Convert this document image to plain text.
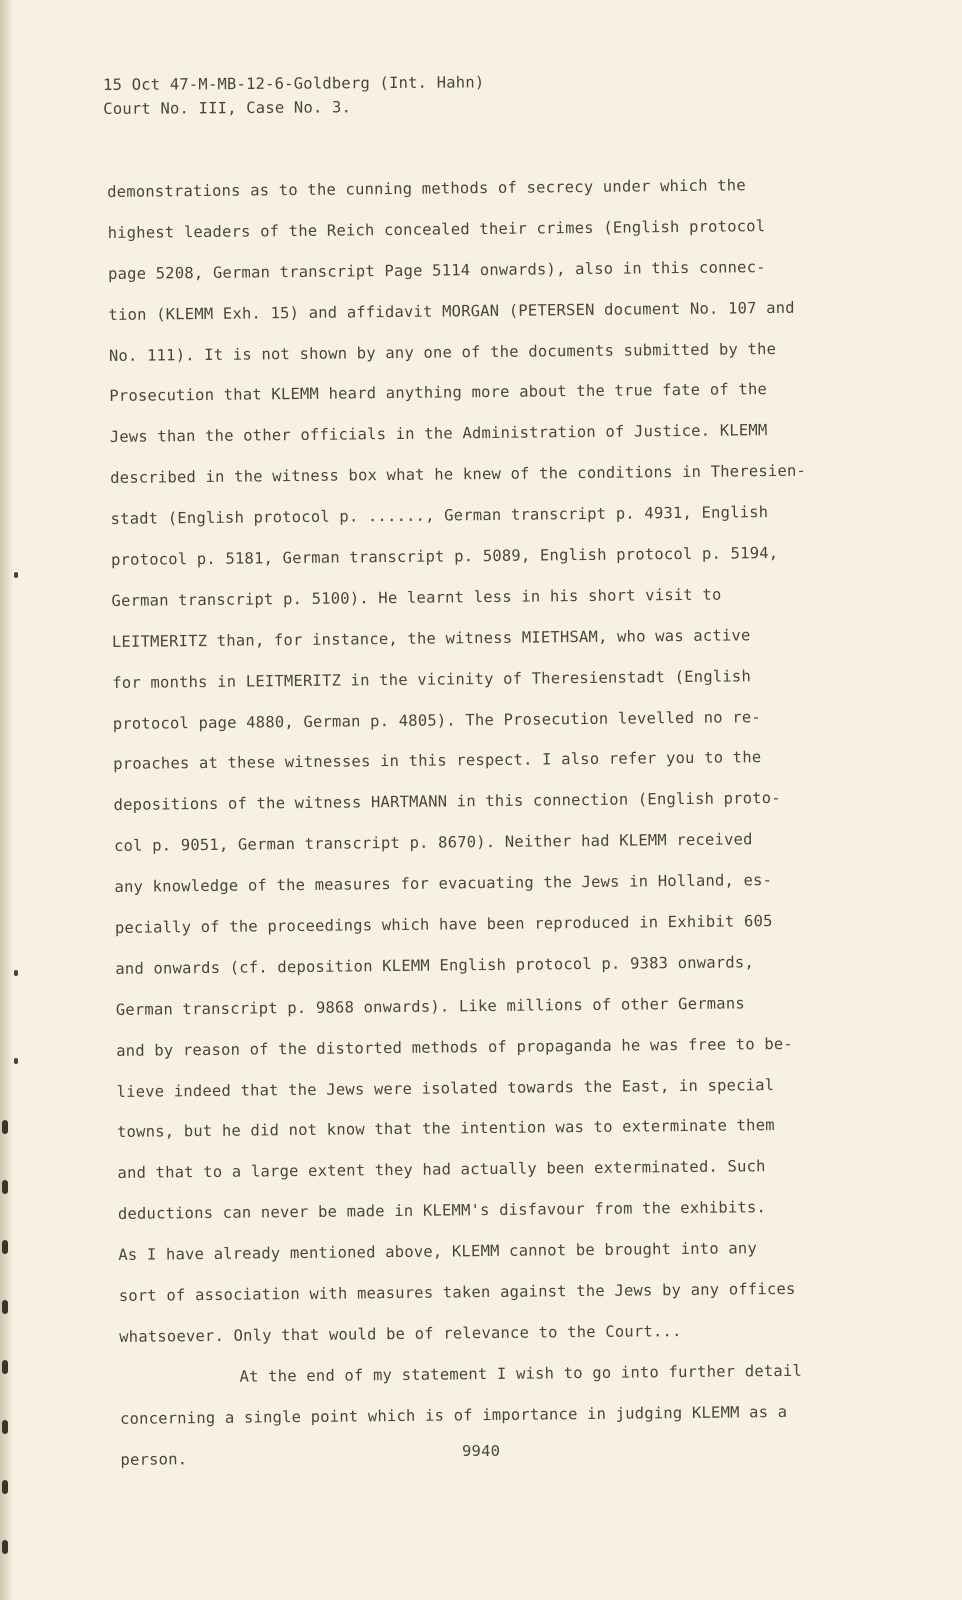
15 Oct 47-M-MB-12-6-Goldberg (Int. Hahn)
Court No. III, Case No. 3.
demonstrations as to the cunning methods of secrecy under which the
highest leaders of the Reich concealed their crimes (English protocol
page 5208, German transcript Page 5114 onwards), also in this connec-
tion (KLEMM Exh. 15) and affidavit MORGAN (PETERSEN document No. 107 and
No. 111). It is not shown by any one of the documents submitted by the
Prosecution that KLEMM heard anything more about the true fate of the
Jews than the other officials in the Administration of Justice. KLEMM
described in the witness box what he knew of the conditions in Theresien-
stadt (English protocol p. ......, German transcript p. 4931, English
protocol p. 5181, German transcript p. 5089, English protocol p. 5194,
German transcript p. 5100). He learnt less in his short visit to
LEITMERITZ than, for instance, the witness MIETHSAM, who was active
for months in LEITMERITZ in the vicinity of Theresienstadt (English
protocol page 4880, German p. 4805). The Prosecution levelled no re-
proaches at these witnesses in this respect. I also refer you to the
depositions of the witness HARTMANN in this connection (English proto-
col p. 9051, German transcript p. 8670). Neither had KLEMM received
any knowledge of the measures for evacuating the Jews in Holland, es-
pecially of the proceedings which have been reproduced in Exhibit 605
and onwards (cf. deposition KLEMM English protocol p. 9383 onwards,
German transcript p. 9868 onwards). Like millions of other Germans
and by reason of the distorted methods of propaganda he was free to be-
lieve indeed that the Jews were isolated towards the East, in special
towns, but he did not know that the intention was to exterminate them
and that to a large extent they had actually been exterminated. Such
deductions can never be made in KLEMM's disfavour from the exhibits.
As I have already mentioned above, KLEMM cannot be brought into any
sort of association with measures taken against the Jews by any offices
whatsoever. Only that would be of relevance to the Court...
At the end of my statement I wish to go into further detail
concerning a single point which is of importance in judging KLEMM as a
person.	9940
